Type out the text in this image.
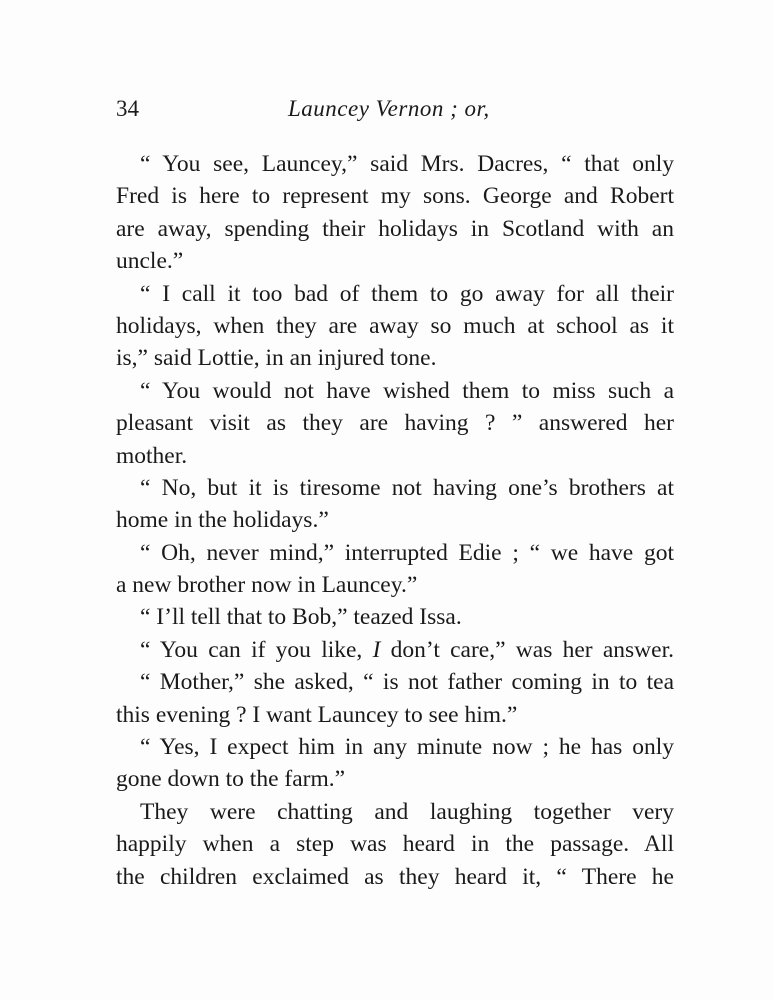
34	Launcey Vernon ; or,
“ You see, Launcey,” said Mrs. Dacres, “ that only
Fred is here to represent my sons. George and Robert
are away, spending their holidays in Scotland with an
uncle.”
“ I call it too bad of them to go away for all their
holidays, when they are away so much at school as it
is,” said Lottie, in an injured tone.
“ You would not have wished them to miss such a
pleasant visit as they are having ? ” answered her
mother.
“ No, but it is tiresome not having one’s brothers at
home in the holidays.”
“ Oh, never mind,” interrupted Edie ; “ we have got
a new brother now in Launcey.”
“ I’ll tell that to Bob,” teazed Issa.
“ You can if you like, I don’t care,” was her answer.
“ Mother,” she asked, “ is not father coming in to tea
this evening ? I want Launcey to see him.”
“ Yes, I expect him in any minute now ; he has only
gone down to the farm.”
They were chatting and laughing together very
happily when a step was heard in the passage. All
the children exclaimed as they heard it, “ There he
